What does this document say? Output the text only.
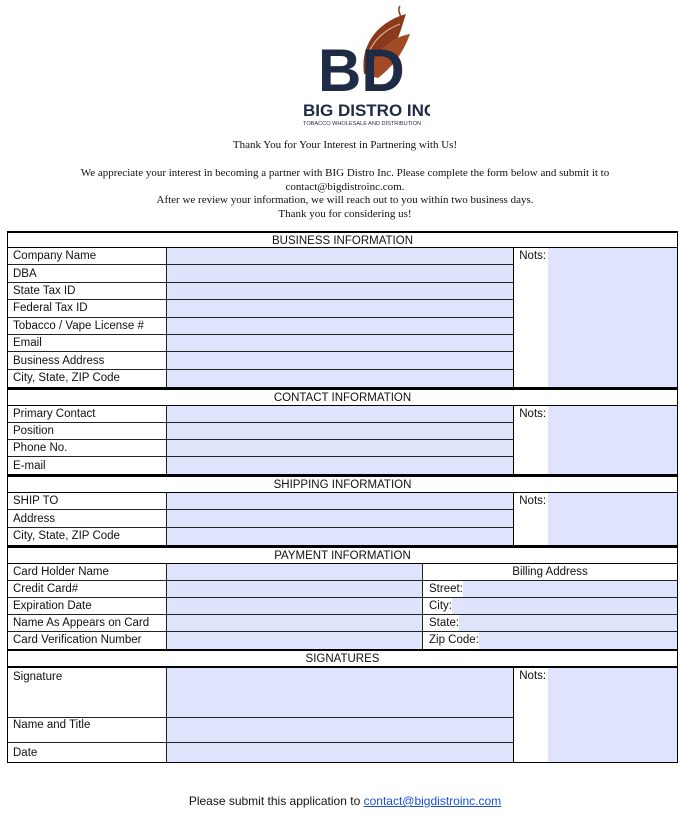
BD
BIG DISTRO INC
TOBACCO WHOLESALE AND DISTRIBUTION
Thank You for Your Interest in Partnering with Us!
We appreciate your interest in becoming a partner with BIG Distro Inc. Please complete the form below and submit it to
contact@bigdistroinc.com.
After we review your information, we will reach out to you within two business days.
Thank you for considering us!
BUSINESS INFORMATION
Company Name
DBA
State Tax ID
Federal Tax ID
Tobacco / Vape License #
Email
Business Address
City, State, ZIP Code
Nots:
CONTACT INFORMATION
Primary Contact
Position
Phone No.
E-mail
Nots:
SHIPPING INFORMATION
SHIP TO
Address
City, State, ZIP Code
Nots:
PAYMENT INFORMATION
Card Holder Name	Billing Address
Credit Card#	Street:
Expiration Date	City:
Name As Appears on Card	State:
Card Verification Number	Zip Code:
SIGNATURES
Signature
Name and Title
Date
Nots:
Please submit this application to contact@bigdistroinc.com
